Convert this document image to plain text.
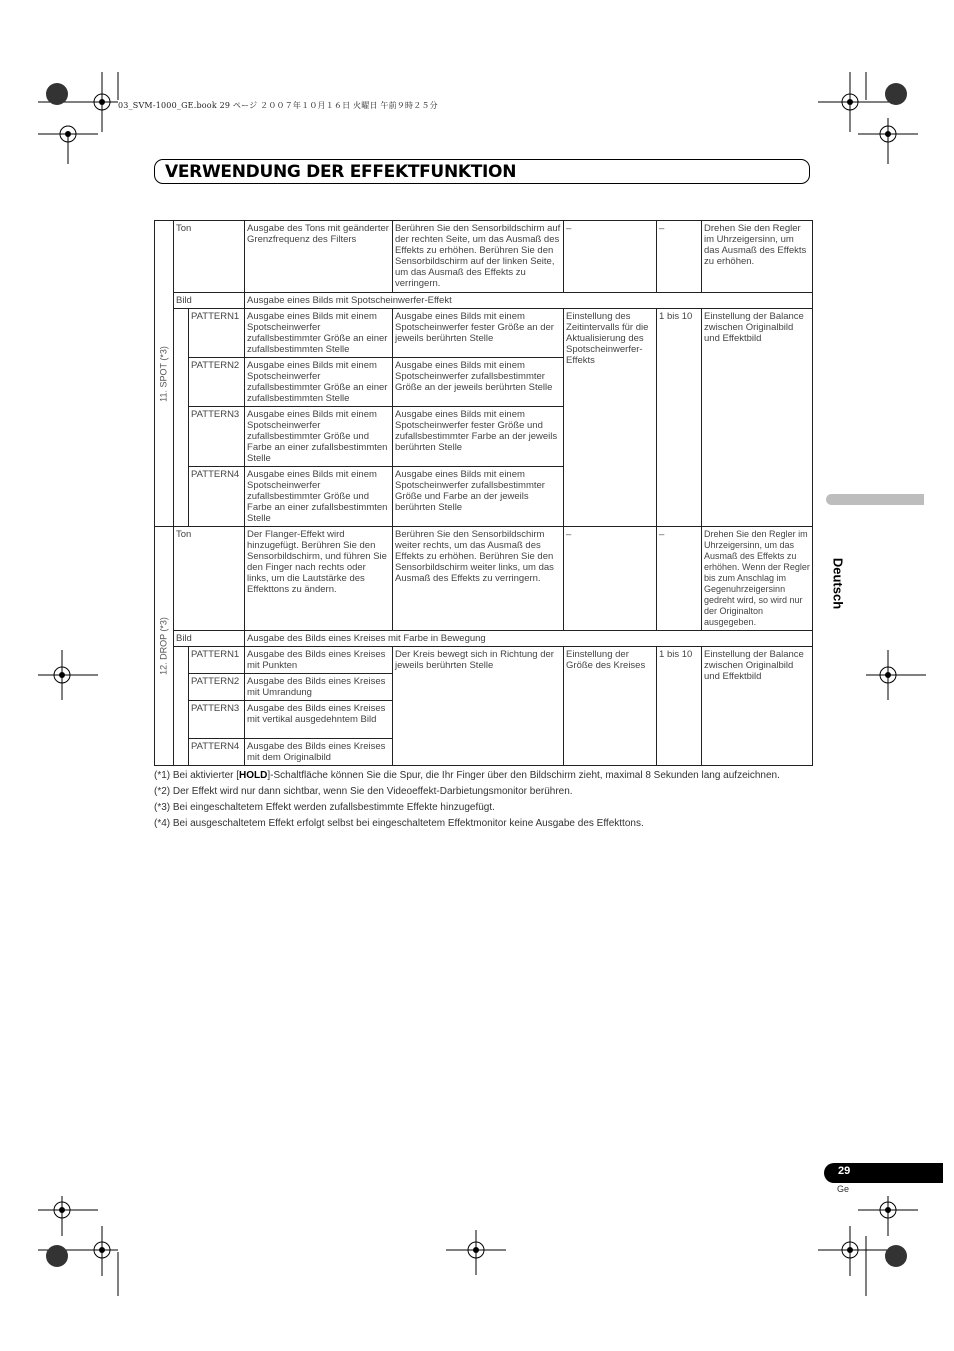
03_SVM-1000_GE.book 29 ページ ２００７年１０月１６日 火曜日 午前９時２５分
VERWENDUNG DER EFFEKTFUNKTION
Deutsch
11. SPOT (*3)	Ton		Ausgabe des Tons mit geänderter Grenzfrequenz des Filters	Berühren Sie den Sensorbildschirm auf der rechten Seite, um das Ausmaß des Effekts zu erhöhen. Berühren Sie den Sensorbildschirm auf der linken Seite, um das Ausmaß des Effekts zu verringern.	–	–	Drehen Sie den Regler im Uhrzeigersinn, um das Ausmaß des Effekts zu erhöhen.
	Bild		Ausgabe eines Bilds mit Spotscheinwerfer-Effekt				
		PATTERN1	Ausgabe eines Bilds mit einem Spotscheinwerfer zufallsbestimmter Größe an einer zufallsbestimmten Stelle	Ausgabe eines Bilds mit einem Spotscheinwerfer fester Größe an der jeweils berührten Stelle	Einstellung des Zeitintervalls für die Aktualisierung des Spotscheinwerfer-Effekts	1 bis 10	Einstellung der Balance zwischen Originalbild und Effektbild
		PATTERN2	Ausgabe eines Bilds mit einem Spotscheinwerfer zufallsbestimmter Größe an einer zufallsbestimmten Stelle	Ausgabe eines Bilds mit einem Spotscheinwerfer zufallsbestimmter Größe an der jeweils berührten Stelle			
		PATTERN3	Ausgabe eines Bilds mit einem Spotscheinwerfer zufallsbestimmter Größe und Farbe an einer zufallsbestimmten Stelle	Ausgabe eines Bilds mit einem Spotscheinwerfer fester Größe und zufallsbestimmter Farbe an der jeweils berührten Stelle			
		PATTERN4	Ausgabe eines Bilds mit einem Spotscheinwerfer zufallsbestimmter Größe und Farbe an einer zufallsbestimmten Stelle	Ausgabe eines Bilds mit einem Spotscheinwerfer zufallsbestimmter Größe und Farbe an der jeweils berührten Stelle			

12. DROP (*3)	Ton		Der Flanger-Effekt wird hinzugefügt. Berühren Sie den Sensorbildschirm, und führen Sie den Finger nach rechts oder links, um die Lautstärke des Effekttons zu ändern.	Berühren Sie den Sensorbildschirm weiter rechts, um das Ausmaß des Effekts zu erhöhen. Berühren Sie den Sensorbildschirm weiter links, um das Ausmaß des Effekts zu verringern.	–	–	Drehen Sie den Regler im Uhrzeigersinn, um das Ausmaß des Effekts zu erhöhen. Wenn der Regler bis zum Anschlag im Gegenuhrzeigersinn gedreht wird, so wird nur der Originalton ausgegeben.
	Bild		Ausgabe des Bilds eines Kreises mit Farbe in Bewegung				
		PATTERN1	Ausgabe des Bilds eines Kreises mit Punkten	Der Kreis bewegt sich in Richtung der jeweils berührten Stelle	Einstellung der Größe des Kreises	1 bis 10	Einstellung der Balance zwischen Originalbild und Effektbild
		PATTERN2	Ausgabe des Bilds eines Kreises mit Umrandung				
		PATTERN3	Ausgabe des Bilds eines Kreises mit vertikal ausgedehntem Bild				
		PATTERN4	Ausgabe des Bilds eines Kreises mit dem Originalbild				

(*1) Bei aktivierter [HOLD]-Schaltfläche können Sie die Spur, die Ihr Finger über den Bildschirm zieht, maximal 8 Sekunden lang aufzeichnen.

(*2) Der Effekt wird nur dann sichtbar, wenn Sie den Videoeffekt-Darbietungsmonitor berühren.

(*3) Bei eingeschaltetem Effekt werden zufallsbestimmte Effekte hinzugefügt.

(*4) Bei ausgeschaltetem Effekt erfolgt selbst bei eingeschaltetem Effektmonitor keine Ausgabe des Effekttons.

29
Ge
